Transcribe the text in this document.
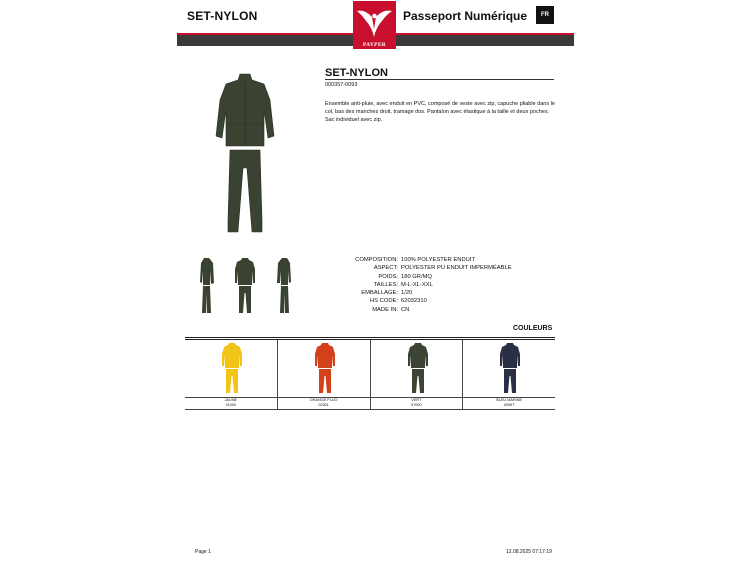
SET-NYLON
PAYPER
Passeport Numérique	FR
SET-NYLON
000357-0093
Ensemble anti-pluie, avec enduit en PVC, composé de veste avec zip, capuche pliable dans le col, bas des manches droit, tramage dos. Pantalon avec élastique à la taille et deux poches. Sac individuel avec zip.
COMPOSITION: 100% POLYESTER ENDUIT
ASPECT: POLYESTER PU ENDUIT IMPERMÉABLE
POIDS: 180 GR/MQ
TAILLES: M-L-XL-XXL
EMBALLAGE: 1/20
HS CODE: 62032310
MADE IN: CN
COULEURS
JAUNE
01000
ORANGE FLUO
02301
VERT
07000
BLEU MARINE
00097
Page 1	12.08.2025 07:17:19
